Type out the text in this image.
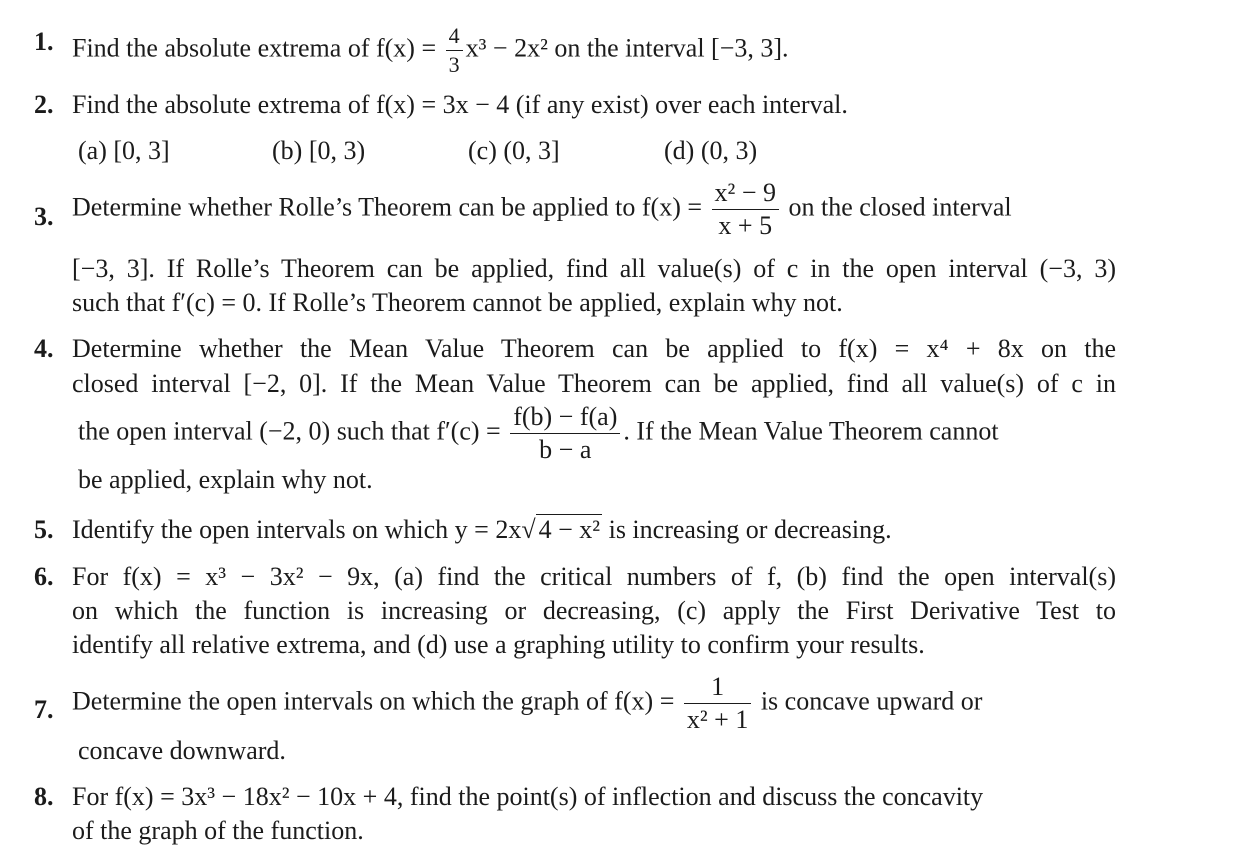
1. Find the absolute extrema of $f(x) = \frac{4}{3} x^3 - 2x^2$ on the interval [−3, 3].
2. Find the absolute extrema of f(x) = 3x − 4 (if any exist) over each interval.
(a) [0, 3]	(b) [0, 3)	(c) (0, 3]	(d) (0, 3)
3. Determine whether Rolle’s Theorem can be applied to $f(x) = \frac{\text{x² − 9}}{x + 5}$ on the closed interval
[−3, 3]. If Rolle’s Theorem can be applied, find all value(s) of c in the open interval (−3, 3)
such that f′(c) = 0. If Rolle’s Theorem cannot be applied, explain why not.
4. Determine whether the Mean Value Theorem can be applied to f(x) = x⁴ + 8x on the
closed interval [−2, 0]. If the Mean Value Theorem can be applied, find all value(s) of c in
the open interval (−2, 0) such that $f'(c) = \frac{f(b) - f(a)}{b - a}$ . If the Mean Value Theorem cannot
be applied, explain why not.
5. Identify the open intervals on which y = 2x√ 4 − x² is increasing or decreasing.
6. For f(x) = x³ − 3x² − 9x, (a) find the critical numbers of f, (b) find the open interval(s)
on which the function is increasing or decreasing, (c) apply the First Derivative Test to
identify all relative extrema, and (d) use a graphing utility to confirm your results.
7. Determine the open intervals on which the graph of $f(x) = \frac{1}{\text{x² + 1}}$ is concave upward or
concave downward.
8. For f(x) = 3x³ − 18x² − 10x + 4, find the point(s) of inflection and discuss the concavity
of the graph of the function.
